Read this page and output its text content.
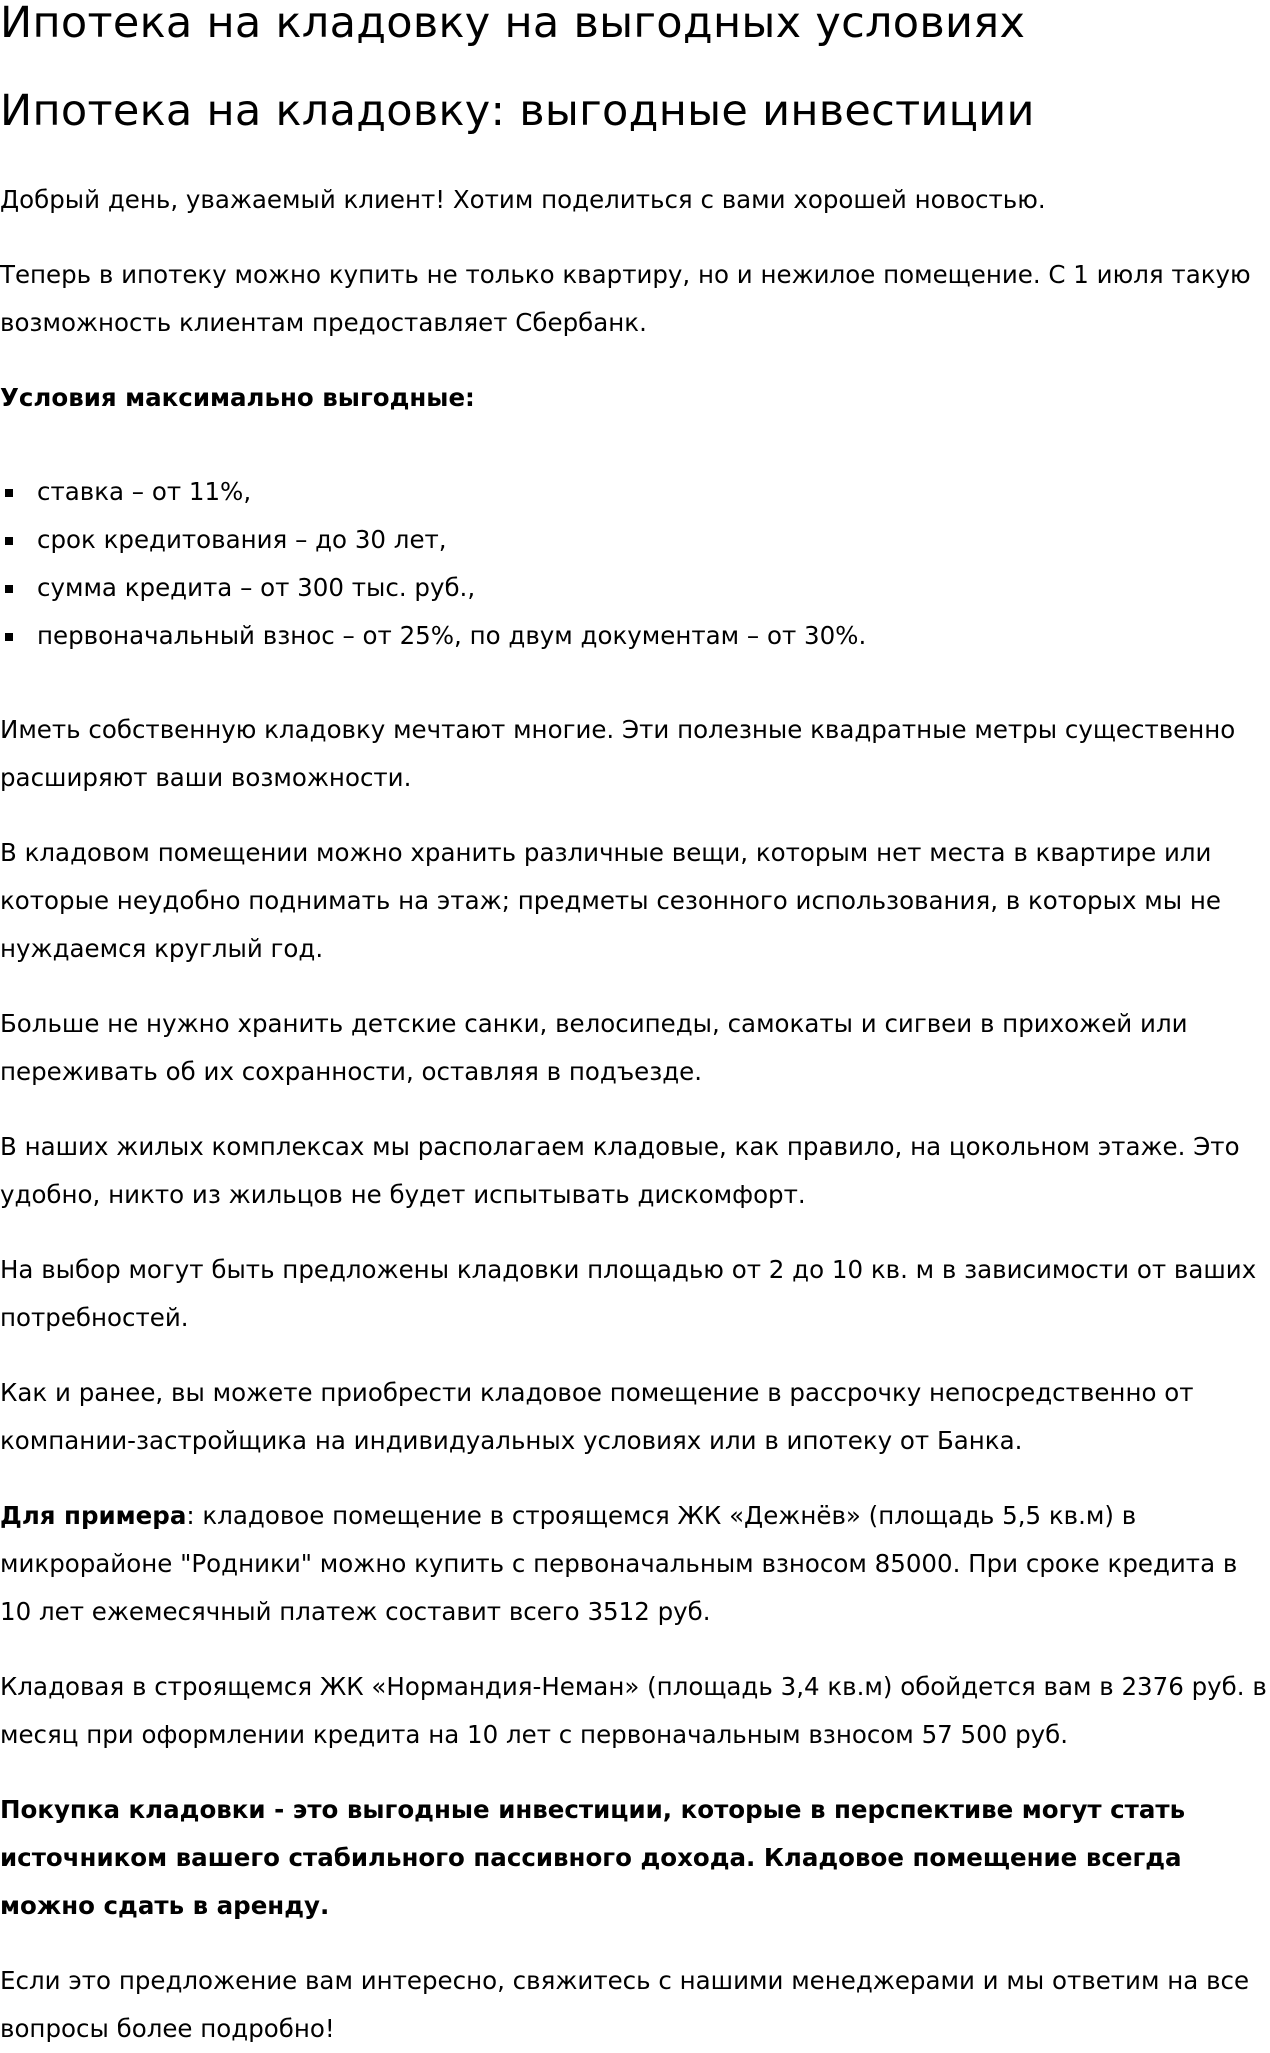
Ипотека на кладовку на выгодных условиях
Ипотека на кладовку: выгодные инвестиции

Добрый день, уважаемый клиент! Хотим поделиться с вами хорошей новостью.

Теперь в ипотеку можно купить не только квартиру, но и нежилое помещение. С 1 июля такую возможность клиентам предоставляет Сбербанк.

Условия максимально выгодные:

ставка – от 11%,
срок кредитования – до 30 лет,
сумма кредита – от 300 тыс. руб.,
первоначальный взнос – от 25%, по двум документам – от 30%.

Иметь собственную кладовку мечтают многие. Эти полезные квадратные метры существенно расширяют ваши возможности.

В кладовом помещении можно хранить различные вещи, которым нет места в квартире или которые неудобно поднимать на этаж; предметы сезонного использования, в которых мы не нуждаемся круглый год.

Больше не нужно хранить детские санки, велосипеды, самокаты и сигвеи в прихожей или переживать об их сохранности, оставляя в подъезде.

В наших жилых комплексах мы располагаем кладовые, как правило, на цокольном этаже. Это удобно, никто из жильцов не будет испытывать дискомфорт.

На выбор могут быть предложены кладовки площадью от 2 до 10 кв. м в зависимости от ваших потребностей.

Как и ранее, вы можете приобрести кладовое помещение в рассрочку непосредственно от компании-застройщика на индивидуальных условиях или в ипотеку от Банка.

Для примера: кладовое помещение в строящемся ЖК «Дежнёв» (площадь 5,5 кв.м) в микрорайоне "Родники" можно купить с первоначальным взносом 85000. При сроке кредита в 10 лет ежемесячный платеж составит всего 3512 руб.

Кладовая в строящемся ЖК «Нормандия-Неман» (площадь 3,4 кв.м) обойдется вам в 2376 руб. в месяц при оформлении кредита на 10 лет с первоначальным взносом 57 500 руб.

Покупка кладовки - это выгодные инвестиции, которые в перспективе могут стать источником вашего стабильного пассивного дохода. Кладовое помещение всегда можно сдать в аренду.

Если это предложение вам интересно, свяжитесь с нашими менеджерами и мы ответим на все вопросы более подробно!
